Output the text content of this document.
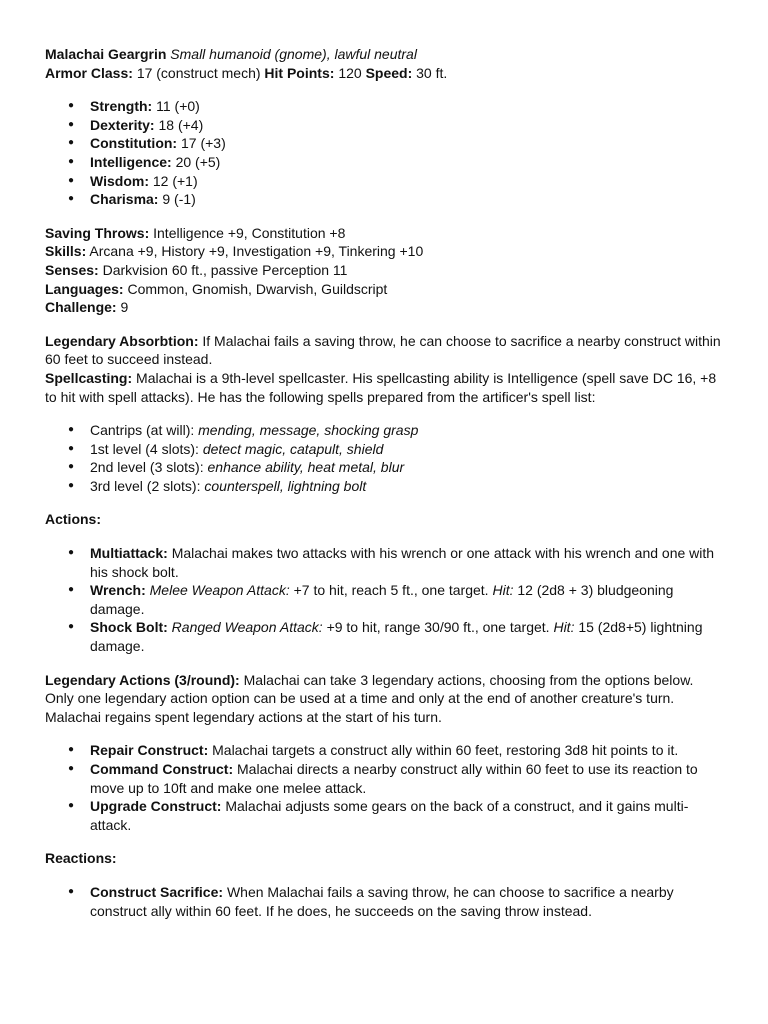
Malachai Geargrin Small humanoid (gnome), lawful neutral

Armor Class: 17 (construct mech) Hit Points: 120 Speed: 30 ft.

● Strength: 11 (+0)
● Dexterity: 18 (+4)
● Constitution: 17 (+3)
● Intelligence: 20 (+5)
● Wisdom: 12 (+1)
● Charisma: 9 (-1)

Saving Throws: Intelligence +9, Constitution +8

Skills: Arcana +9, History +9, Investigation +9, Tinkering +10

Senses: Darkvision 60 ft., passive Perception 11

Languages: Common, Gnomish, Dwarvish, Guildscript

Challenge: 9

Legendary Absorbtion: If Malachai fails a saving throw, he can choose to sacrifice a nearby construct within 60 feet to succeed instead.

Spellcasting: Malachai is a 9th-level spellcaster. His spellcasting ability is Intelligence (spell save DC 16, +8 to hit with spell attacks). He has the following spells prepared from the artificer's spell list:

● Cantrips (at will): mending, message, shocking grasp
● 1st level (4 slots): detect magic, catapult, shield
● 2nd level (3 slots): enhance ability, heat metal, blur
● 3rd level (2 slots): counterspell, lightning bolt

Actions:

● Multiattack: Malachai makes two attacks with his wrench or one attack with his wrench and one with his shock bolt.
● Wrench: Melee Weapon Attack: +7 to hit, reach 5 ft., one target. Hit: 12 (2d8 + 3) bludgeoning damage.
● Shock Bolt: Ranged Weapon Attack: +9 to hit, range 30/90 ft., one target. Hit: 15 (2d8+5) lightning damage.

Legendary Actions (3/round): Malachai can take 3 legendary actions, choosing from the options below. Only one legendary action option can be used at a time and only at the end of another creature's turn. Malachai regains spent legendary actions at the start of his turn.

● Repair Construct: Malachai targets a construct ally within 60 feet, restoring 3d8 hit points to it.
● Command Construct: Malachai directs a nearby construct ally within 60 feet to use its reaction to move up to 10ft and make one melee attack.
● Upgrade Construct: Malachai adjusts some gears on the back of a construct, and it gains multi-attack.

Reactions:

● Construct Sacrifice: When Malachai fails a saving throw, he can choose to sacrifice a nearby construct ally within 60 feet. If he does, he succeeds on the saving throw instead.
